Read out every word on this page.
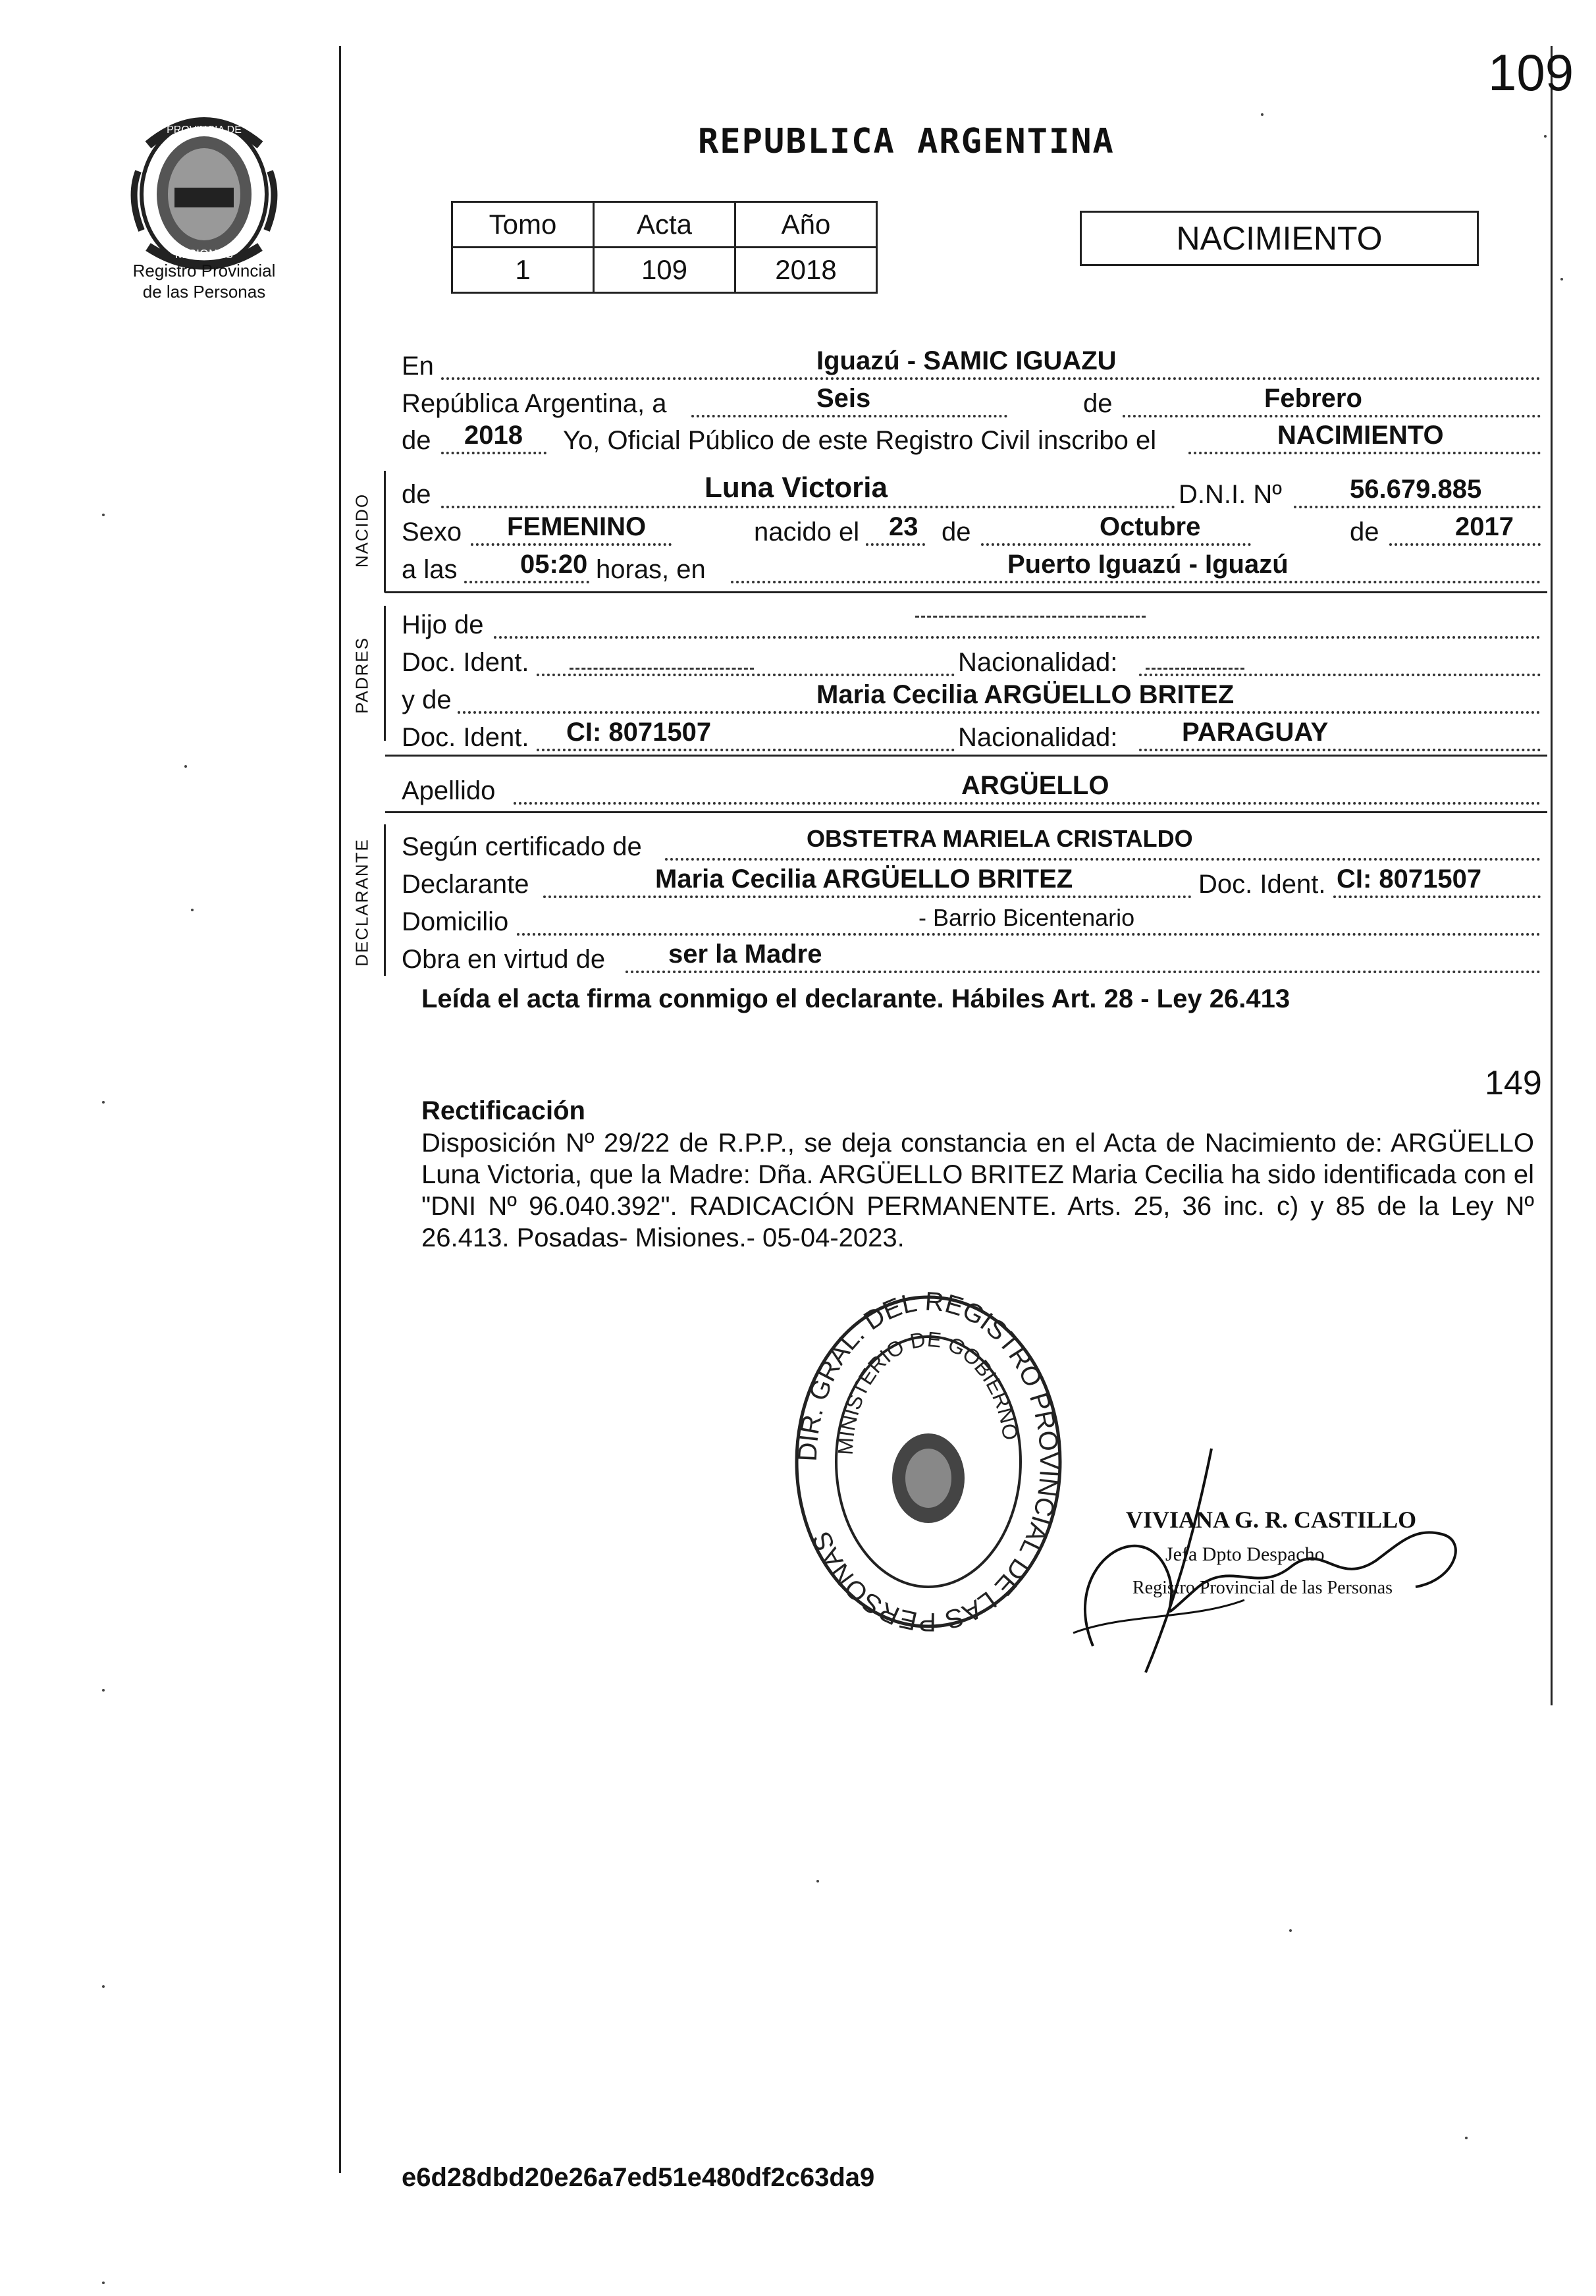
PROVINCIA DE
MISIONES
Registro Provincial
de las Personas
109
REPUBLICA ARGENTINA
Tomo	Acta	Año
1	109	2018
NACIMIENTO
En	Iguazú - SAMIC IGUAZU
República Argentina, a	Seis	de	Febrero
de 2018 Yo, Oficial Público de este Registro Civil inscribo el	NACIMIENTO
NACIDO de	Luna Victoria	D.N.I. Nº	56.679.885
Sexo FEMENINO	nacido el 23 de	Octubre	de	2017
a las 05:20 horas, en	Puerto Iguazú - Iguazú
PADRES
Hijo de
Doc. Ident.	Nacionalidad:
y de	Maria Cecilia ARGÜELLO BRITEZ
Doc. Ident. CI: 8071507	Nacionalidad: PARAGUAY
Apellido	ARGÜELLO
DECLARANTE Según certificado de	OBSTETRA MARIELA CRISTALDO
Declarante	Maria Cecilia ARGÜELLO BRITEZ	Doc. Ident. CI: 8071507
Domicilio	- Barrio Bicentenario
Obra en virtud de ser la Madre
Leída el acta firma conmigo el declarante. Hábiles Art. 28 - Ley 26.413
149
Rectificación
Disposición Nº 29/22 de R.P.P., se deja constancia en el Acta de Nacimiento de: ARGÜELLO Luna Victoria, que la Madre: Dña. ARGÜELLO BRITEZ Maria Cecilia ha sido identificada con el "DNI Nº 96.040.392". RADICACIÓN PERMANENTE. Arts. 25, 36 inc. c) y 85 de la Ley Nº 26.413. Posadas- Misiones.- 05-04-2023.
DIR. GRAL. DEL REGISTRO PROVINCIAL DE LAS PERSONAS
MINISTERIO DE GOBIERNO
VIVIANA G. R. CASTILLO
Jefa Dpto Despacho
Registro Provincial de las Personas
e6d28dbd20e26a7ed51e480df2c63da9
